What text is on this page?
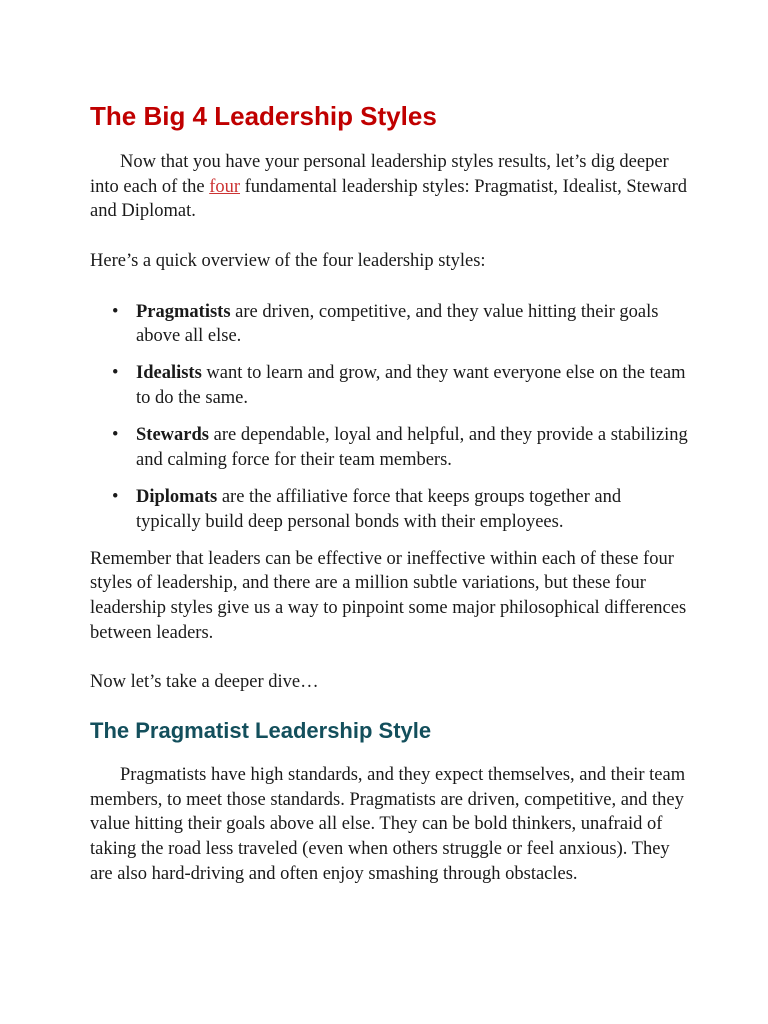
The Big 4 Leadership Styles

Now that you have your personal leadership styles results, let’s dig deeper into each of the four fundamental leadership styles: Pragmatist, Idealist, Steward and Diplomat.

Here’s a quick overview of the four leadership styles:

• Pragmatists are driven, competitive, and they value hitting their goals above all else.
• Idealists want to learn and grow, and they want everyone else on the team to do the same.
• Stewards are dependable, loyal and helpful, and they provide a stabilizing and calming force for their team members.
• Diplomats are the affiliative force that keeps groups together and typically build deep personal bonds with their employees.

Remember that leaders can be effective or ineffective within each of these four styles of leadership, and there are a million subtle variations, but these four leadership styles give us a way to pinpoint some major philosophical differences between leaders.

Now let’s take a deeper dive…

The Pragmatist Leadership Style

Pragmatists have high standards, and they expect themselves, and their team members, to meet those standards. Pragmatists are driven, competitive, and they value hitting their goals above all else. They can be bold thinkers, unafraid of taking the road less traveled (even when others struggle or feel anxious). They are also hard-driving and often enjoy smashing through obstacles.
